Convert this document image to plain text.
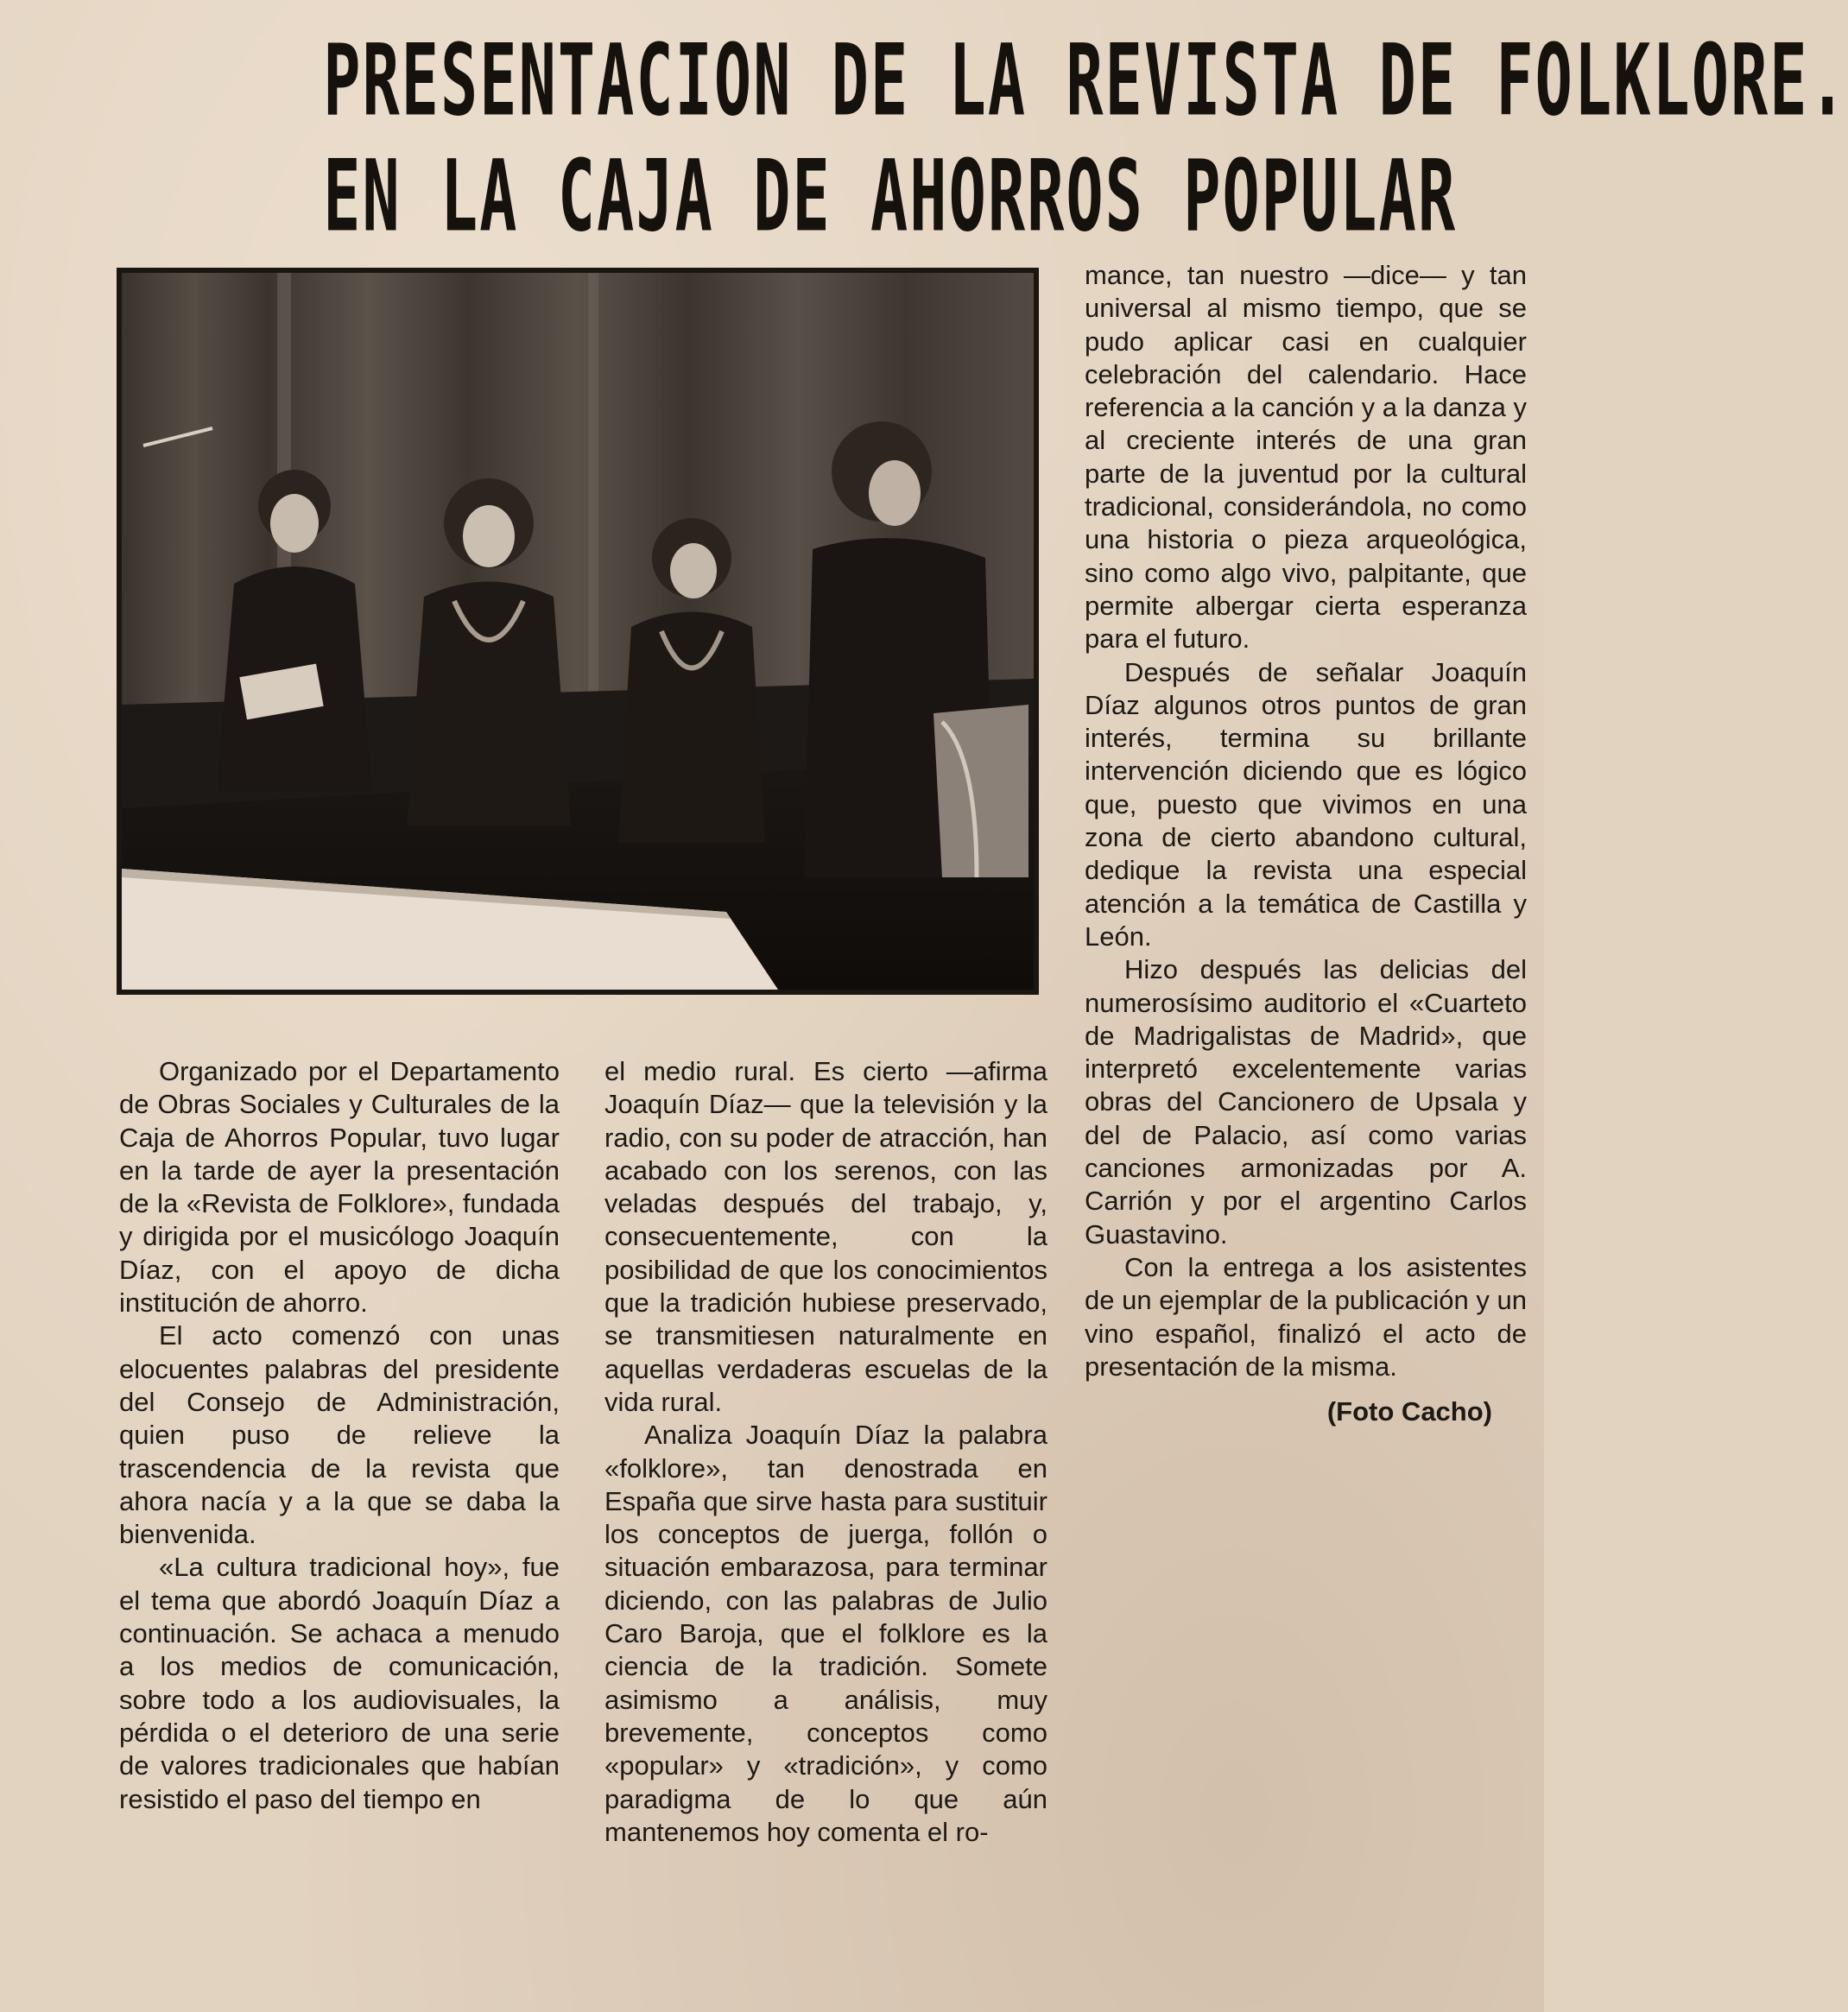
PRESENTACION DE LA REVISTA DE FOLKLORE.
EN LA CAJA DE AHORROS POPULAR

Organizado por el Departamento de Obras Sociales y Culturales de la Caja de Ahorros Popular, tuvo lugar en la tarde de ayer la presentación de la «Revista de Folklore», fundada y dirigida por el musicólogo Joaquín Díaz, con el apoyo de dicha institución de ahorro.

El acto comenzó con unas elocuentes palabras del presidente del Consejo de Administración, quien puso de relieve la trascendencia de la revista que ahora nacía y a la que se daba la bienvenida.

«La cultura tradicional hoy», fue el tema que abordó Joaquín Díaz a continuación. Se achaca a menudo a los medios de comunicación, sobre todo a los audiovisuales, la pérdida o el deterioro de una serie de valores tradicionales que habían resistido el paso del tiempo en

el medio rural. Es cierto —afirma Joaquín Díaz— que la televisión y la radio, con su poder de atracción, han acabado con los serenos, con las veladas después del trabajo, y, consecuentemente, con la posibilidad de que los conocimientos que la tradición hubiese preservado, se transmitiesen naturalmente en aquellas verdaderas escuelas de la vida rural.

Analiza Joaquín Díaz la palabra «folklore», tan denostrada en España que sirve hasta para sustituir los conceptos de juerga, follón o situación embarazosa, para terminar diciendo, con las palabras de Julio Caro Baroja, que el folklore es la ciencia de la tradición. Somete asimismo a análisis, muy brevemente, conceptos como «popular» y «tradición», y como paradigma de lo que aún mantenemos hoy comenta el ro-

mance, tan nuestro —dice— y tan universal al mismo tiempo, que se pudo aplicar casi en cualquier celebración del calendario. Hace referencia a la canción y a la danza y al creciente interés de una gran parte de la juventud por la cultural tradicional, considerándola, no como una historia o pieza arqueológica, sino como algo vivo, palpitante, que permite albergar cierta esperanza para el futuro.

Después de señalar Joaquín Díaz algunos otros puntos de gran interés, termina su brillante intervención diciendo que es lógico que, puesto que vivimos en una zona de cierto abandono cultural, dedique la revista una especial atención a la temática de Castilla y León.

Hizo después las delicias del numerosísimo auditorio el «Cuarteto de Madrigalistas de Madrid», que interpretó excelentemente varias obras del Cancionero de Upsala y del de Palacio, así como varias canciones armonizadas por A. Carrión y por el argentino Carlos Guastavino.

Con la entrega a los asistentes de un ejemplar de la publicación y un vino español, finalizó el acto de presentación de la misma.

(Foto Cacho)
